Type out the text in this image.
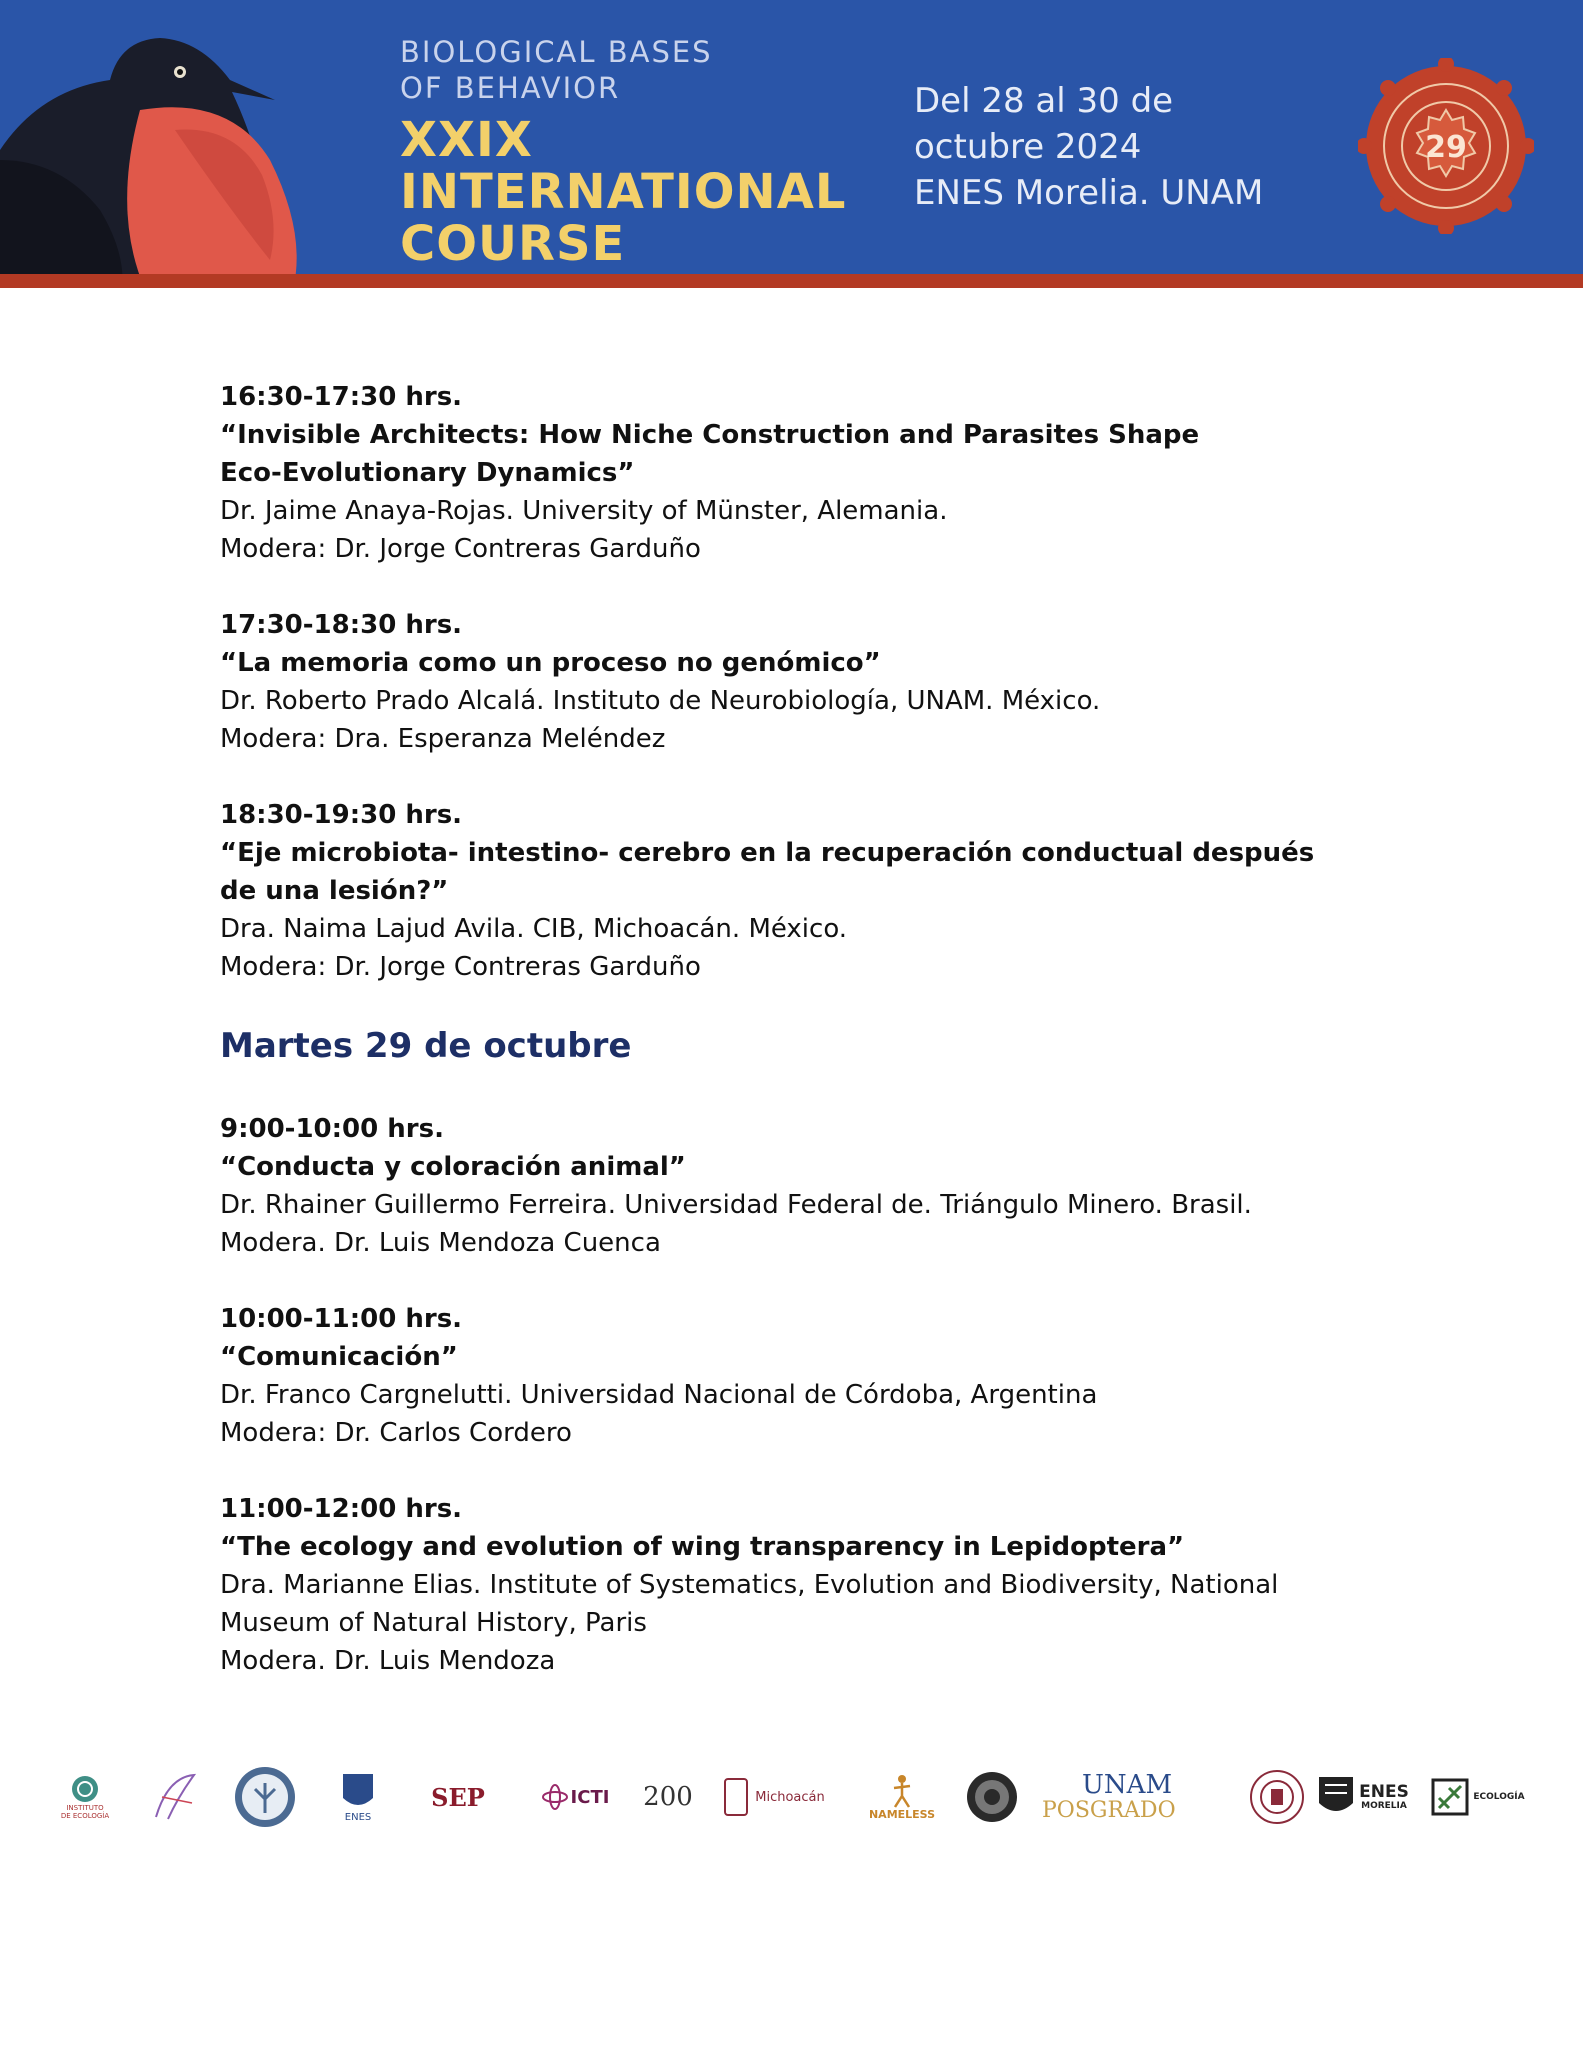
BIOLOGICAL BASES
OF BEHAVIOR
XXIX
INTERNATIONAL
COURSE
Del 28 al 30 de
octubre 2024
ENES Morelia. UNAM
29
16:30-17:30 hrs.
“Invisible Architects: How Niche Construction and Parasites Shape Eco-Evolutionary Dynamics”
Dr. Jaime Anaya-Rojas. University of Münster, Alemania.
Modera: Dr. Jorge Contreras Garduño
17:30-18:30 hrs.
“La memoria como un proceso no genómico”
Dr. Roberto Prado Alcalá. Instituto de Neurobiología, UNAM. México.
Modera: Dra. Esperanza Meléndez
18:30-19:30 hrs.
“Eje microbiota- intestino- cerebro en la recuperación conductual después de una lesión?”
Dra. Naima Lajud Avila. CIB, Michoacán. México.
Modera: Dr. Jorge Contreras Garduño
Martes 29 de octubre
9:00-10:00 hrs.
“Conducta y coloración animal”
Dr. Rhainer Guillermo Ferreira. Universidad Federal de. Triángulo Minero. Brasil.
Modera. Dr. Luis Mendoza Cuenca
10:00-11:00 hrs.
“Comunicación”
Dr. Franco Cargnelutti. Universidad Nacional de Córdoba, Argentina
Modera: Dr. Carlos Cordero
11:00-12:00 hrs.
“The ecology and evolution of wing transparency in Lepidoptera”
Dra. Marianne Elias. Institute of Systematics, Evolution and Biodiversity, National Museum of Natural History, Paris
Modera. Dr. Luis Mendoza
INSTITUTO
DE ECOLOGÍA	ENES
SEP	ICTI 200	Michoacán
NAMELESS
UNAM
POSGRADO
ENES
MORELIA
ECOLOGÍA
